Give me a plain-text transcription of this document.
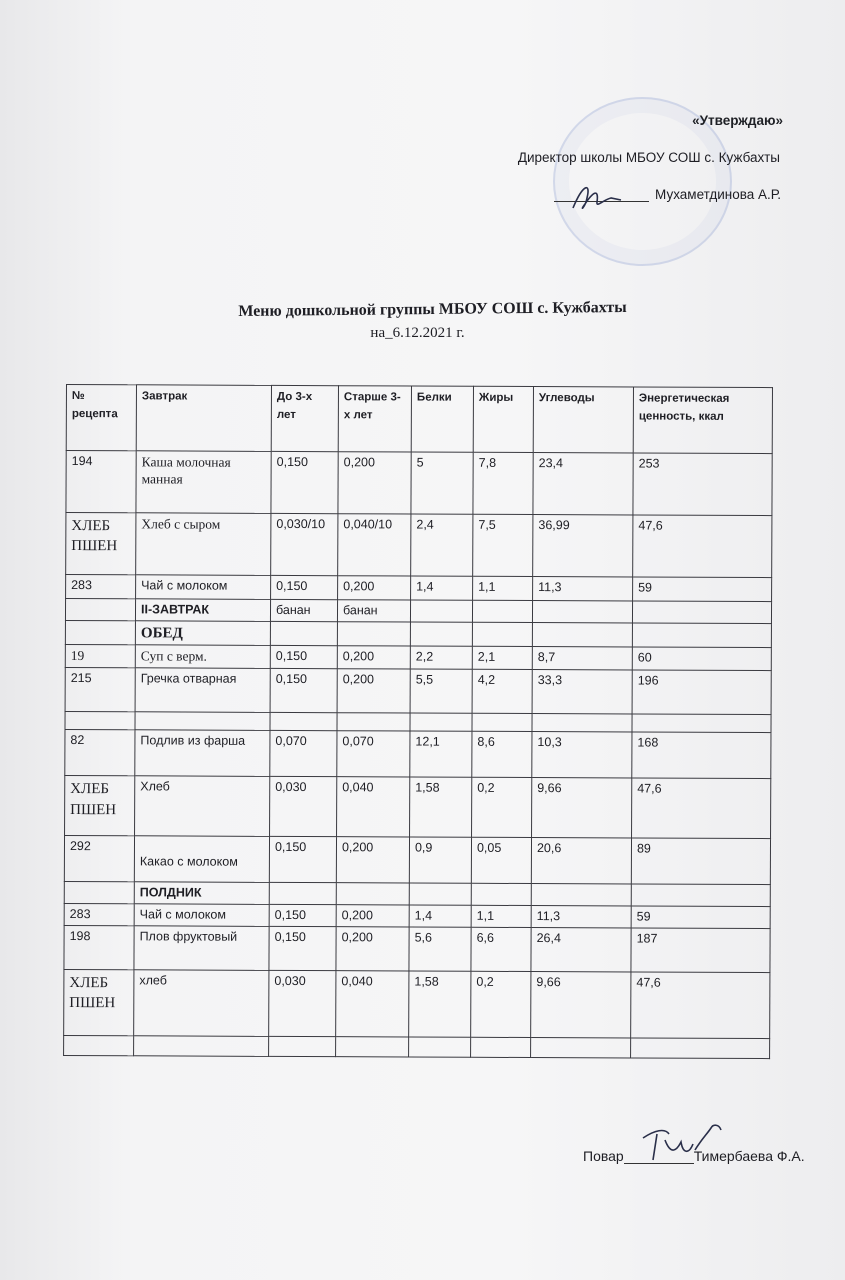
«Утверждаю»
Директор школы МБОУ СОШ с. Кужбахты
Мухаметдинова А.Р.
Меню дошкольной группы МБОУ СОШ с. Кужбахты
на_6.12.2021 г.
№ рецепта	Завтрак	До 3-х лет	Старше 3-х лет	Белки	Жиры	Углеводы	Энергетическая ценность, ккал
194	Каша молочная манная	0,150	0,200	5	7,8	23,4	253
ХЛЕБ ПШЕН	Хлеб с сыром	0,030/10	0,040/10	2,4	7,5	36,99	47,6
283	Чай с молоком	0,150	0,200	1,4	1,1	11,3	59
	II-ЗАВТРАК	банан	банан				
	ОБЕД						
19	Суп с верм.	0,150	0,200	2,2	2,1	8,7	60
215	Гречка отварная	0,150	0,200	5,5	4,2	33,3	196

82	Подлив из фарша	0,070	0,070	12,1	8,6	10,3	168
ХЛЕБ ПШЕН	Хлеб	0,030	0,040	1,58	0,2	9,66	47,6
292	Какао с молоком	0,150	0,200	0,9	0,05	20,6	89
	ПОЛДНИК						
283	Чай с молоком	0,150	0,200	1,4	1,1	11,3	59
198	Плов фруктовый	0,150	0,200	5,6	6,6	26,4	187
ХЛЕБ ПШЕН	хлеб	0,030	0,040	1,58	0,2	9,66	47,6

Повар	Тимербаева Ф.А.
